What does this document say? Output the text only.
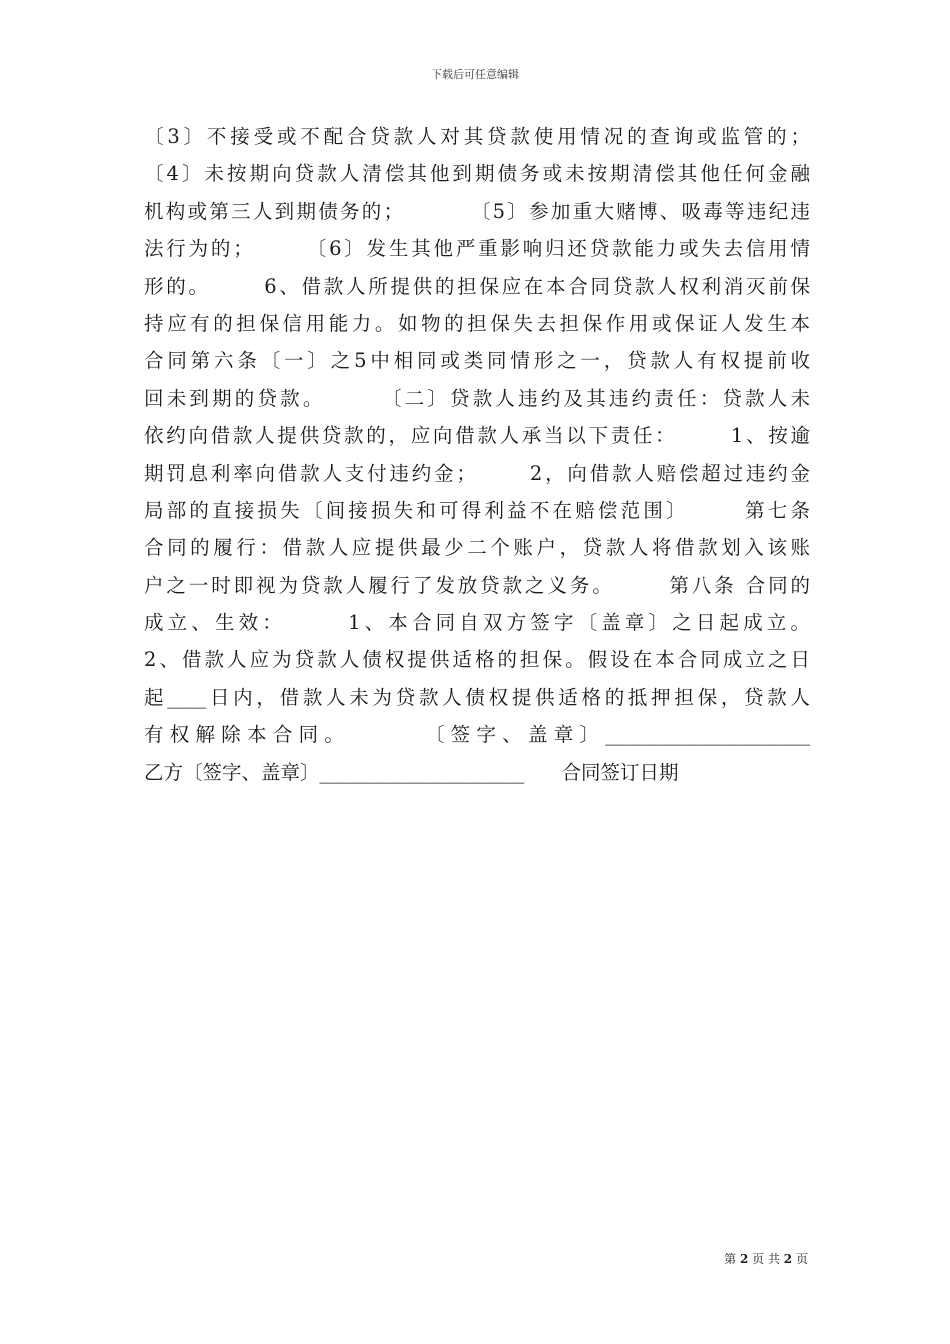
下载后可任意编辑
〔3〕不接受或不配合贷款人对其贷款使用情况的查询或监管的；
〔4〕未按期向贷款人清偿其他到期债务或未按期清偿其他任何金融
机构或第三人到期债务的；        〔5〕参加重大赌博、吸毒等违纪违
法行为的；      〔6〕发生其他严重影响归还贷款能力或失去信用情
形的。      6、借款人所提供的担保应在本合同贷款人权利消灭前保
持应有的担保信用能力。如物的担保失去担保作用或保证人发生本
合同第六条〔一〕之5中相同或类同情形之一，贷款人有权提前收
回未到期的贷款。      〔二〕贷款人违约及其违约责任：贷款人未
依约向借款人提供贷款的，应向借款人承当以下责任：      1、按逾
期罚息利率向借款人支付违约金；      2，向借款人赔偿超过违约金
局部的直接损失〔间接损失和可得利益不在赔偿范围〕      第七条
合同的履行：借款人应提供最少二个账户，贷款人将借款划入该账
户之一时即视为贷款人履行了发放贷款之义务。      第八条 合同的
成立、生效：      1、本合同自双方签字〔盖章〕之日起成立。
2、借款人应为贷款人债权提供适格的担保。假设在本合同成立之日
起____日内，借款人未为贷款人债权提供适格的抵押担保，贷款人
有权解除本合同。      〔签字、盖章〕_____________________
乙方〔签字、盖章〕_____________________      合同签订日期
第 2 页 共 2 页
